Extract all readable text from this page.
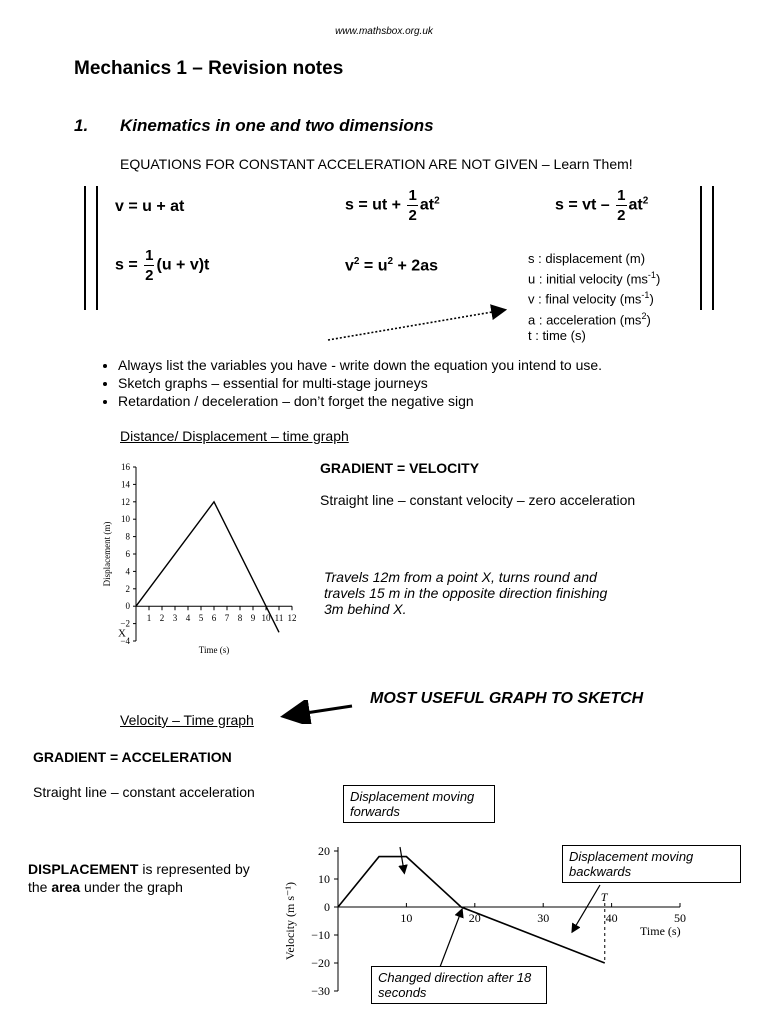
www.mathsbox.org.uk
Mechanics 1 – Revision notes
1. Kinematics in one and two dimensions
EQUATIONS FOR CONSTANT ACCELERATION ARE NOT GIVEN – Learn Them!
v = u + at	s = ut + $\frac{1}{2} at^2$	s = vt – $\frac{1}{2} at^2$
$s = \frac{1}{2} (u + v)t$	$v^2 = u^2 + 2as$	s : displacement (m)
u : initial velocity $(ms^{-1})$
v : final velocity $(ms^{-1})$
a : acceleration $(ms^2)$
t : time (s)
• Always list the variables you have - write down the equation you intend to use.
• Sketch graphs – essential for multi-stage journeys
• Retardation / deceleration – don’t forget the negative sign
Distance/ Displacement – time graph
GRADIENT = VELOCITY
Straight line – constant velocity – zero acceleration
Travels 12m from a point X, turns round and travels 15 m in the opposite direction finishing 3m behind X.
16
14
12
10
8
6
4
2
0
−2
−4
1 2 3 4 5 6 7 8 9 10 11 12
Time (s)
Displacement (m)
X
MOST USEFUL GRAPH TO SKETCH
Velocity – Time graph
GRADIENT = ACCELERATION
Straight line – constant acceleration
DISPLACEMENT is represented by the area under the graph
20
10
0
−10
−20
−30
10	20	30	40	50
Time (s)
Velocity (m s⁻¹)	T
Displacement moving forwards
Displacement moving backwards
Changed direction after 18 seconds
